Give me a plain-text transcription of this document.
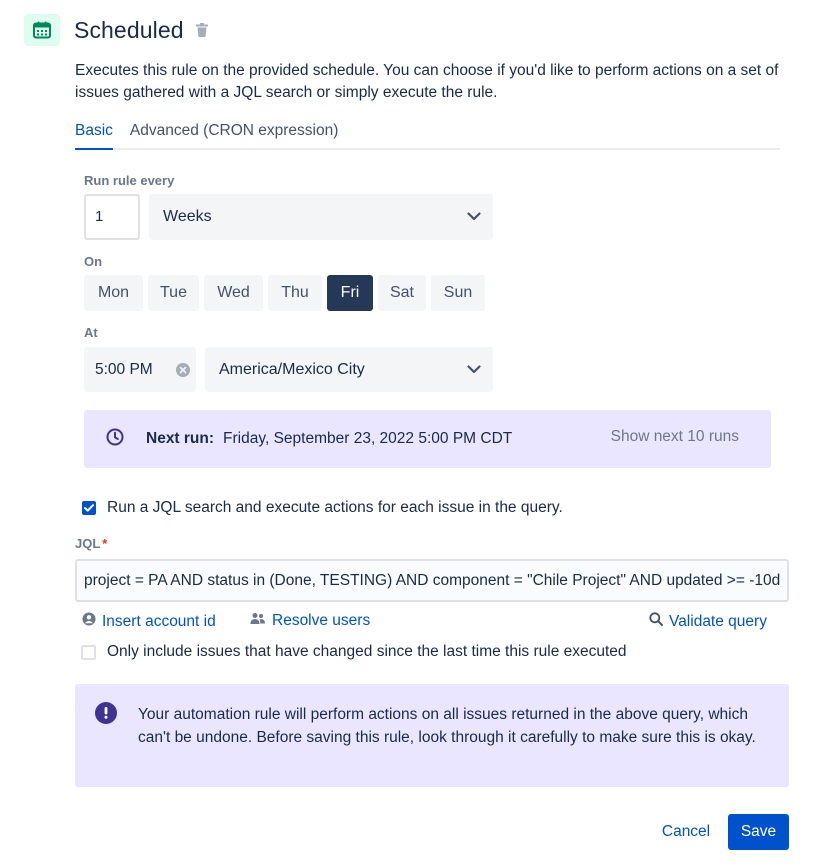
Scheduled
Executes this rule on the provided schedule. You can choose if you'd like to perform actions on a set of issues gathered with a JQL search or simply execute the rule.
Basic Advanced (CRON expression)
Run rule every
1	Weeks
On
Mon	Tue	Wed	Thu	Fri	Sat	Sun
At
5:00 PM	America/Mexico City
Next run: Friday, September 23, 2022 5:00 PM CDT	Show next 10 runs
Run a JQL search and execute actions for each issue in the query.
JQL *
project = PA AND status in (Done, TESTING) AND component = "Chile Project" AND updated >= -10d
Insert account id	Resolve users	Validate query
Only include issues that have changed since the last time this rule executed
Your automation rule will perform actions on all issues returned in the above query, which can't be undone. Before saving this rule, look through it carefully to make sure this is okay.
Cancel	Save
